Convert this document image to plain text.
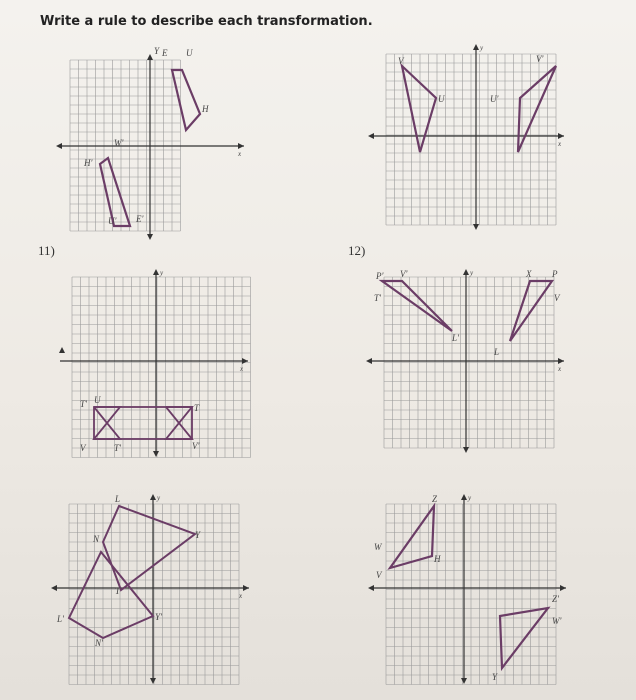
Write a rule to describe each transformation.
11)	12)
x
Y E U
H
W'
H'
U' E'
y
x
V
U	U'
V'
y
x
T' U
V
T
V'
T'
y
x
P' V'
T'
L'
X P
V
L
y
x
L
N	Y
Y'
L'
N'
T
y
Z
W
H
V
Z'
W'
Y
